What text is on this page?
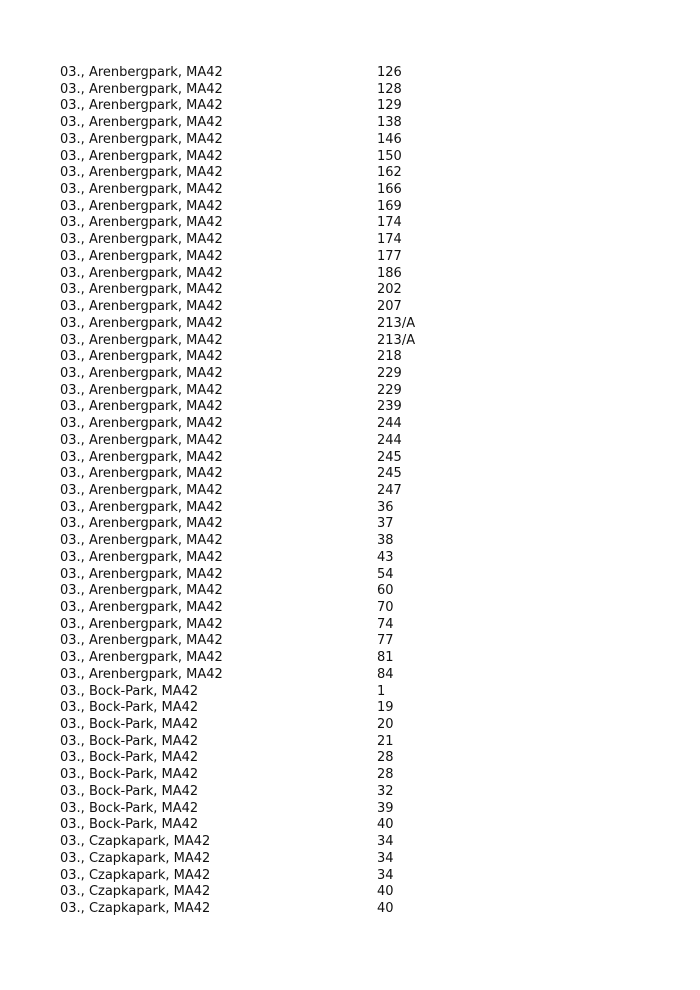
03., Arenbergpark, MA42	126
03., Arenbergpark, MA42	128
03., Arenbergpark, MA42	129
03., Arenbergpark, MA42	138
03., Arenbergpark, MA42	146
03., Arenbergpark, MA42	150
03., Arenbergpark, MA42	162
03., Arenbergpark, MA42	166
03., Arenbergpark, MA42	169
03., Arenbergpark, MA42	174
03., Arenbergpark, MA42	174
03., Arenbergpark, MA42	177
03., Arenbergpark, MA42	186
03., Arenbergpark, MA42	202
03., Arenbergpark, MA42	207
03., Arenbergpark, MA42	213/A
03., Arenbergpark, MA42	213/A
03., Arenbergpark, MA42	218
03., Arenbergpark, MA42	229
03., Arenbergpark, MA42	229
03., Arenbergpark, MA42	239
03., Arenbergpark, MA42	244
03., Arenbergpark, MA42	244
03., Arenbergpark, MA42	245
03., Arenbergpark, MA42	245
03., Arenbergpark, MA42	247
03., Arenbergpark, MA42	36
03., Arenbergpark, MA42	37
03., Arenbergpark, MA42	38
03., Arenbergpark, MA42	43
03., Arenbergpark, MA42	54
03., Arenbergpark, MA42	60
03., Arenbergpark, MA42	70
03., Arenbergpark, MA42	74
03., Arenbergpark, MA42	77
03., Arenbergpark, MA42	81
03., Arenbergpark, MA42	84
03., Bock-Park, MA42	1
03., Bock-Park, MA42	19
03., Bock-Park, MA42	20
03., Bock-Park, MA42	21
03., Bock-Park, MA42	28
03., Bock-Park, MA42	28
03., Bock-Park, MA42	32
03., Bock-Park, MA42	39
03., Bock-Park, MA42	40
03., Czapkapark, MA42	34
03., Czapkapark, MA42	34
03., Czapkapark, MA42	34
03., Czapkapark, MA42	40
03., Czapkapark, MA42	40
